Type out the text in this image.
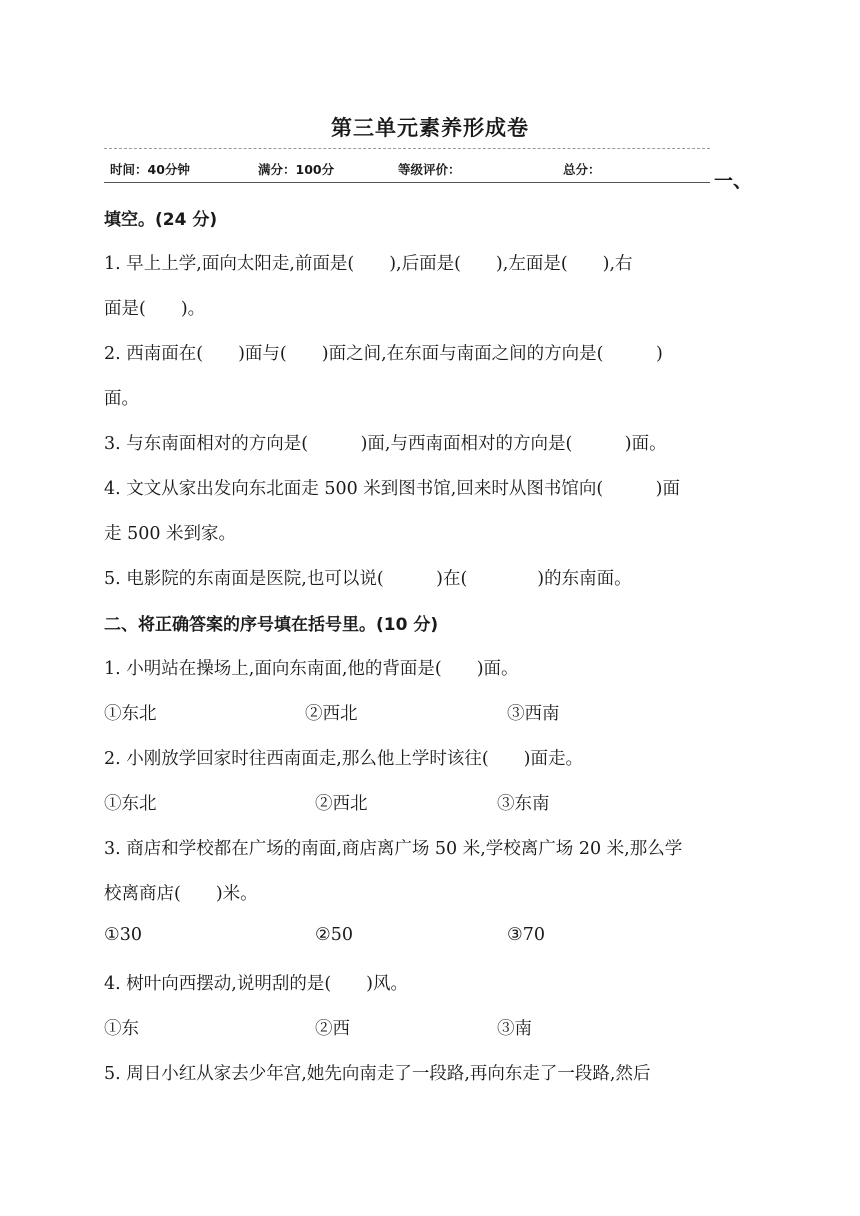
第三单元素养形成卷
时间：40分钟	满分：100分	等级评价：	总分：
一、
填空。(24 分)
1. 早上上学,面向太阳走,前面是(　　),后面是(　　),左面是(　　),右
面是(　　)。
2. 西南面在(　　)面与(　　)面之间,在东面与南面之间的方向是(　　　)
面。
3. 与东南面相对的方向是(　　　)面,与西南面相对的方向是(　　　)面。
4. 文文从家出发向东北面走 500 米到图书馆,回来时从图书馆向(　　　)面
走 500 米到家。
5. 电影院的东南面是医院,也可以说(　　　)在(　　　　)的东南面。
二、将正确答案的序号填在括号里。(10 分)
1. 小明站在操场上,面向东南面,他的背面是(　　)面。
①东北	②西北	③西南
2. 小刚放学回家时往西南面走,那么他上学时该往(　　)面走。
①东北	②西北	③东南
3. 商店和学校都在广场的南面,商店离广场 50 米,学校离广场 20 米,那么学
校离商店(　　)米。
①30	②50	③70
4. 树叶向西摆动,说明刮的是(　　)风。
①东	②西	③南
5. 周日小红从家去少年宫,她先向南走了一段路,再向东走了一段路,然后
